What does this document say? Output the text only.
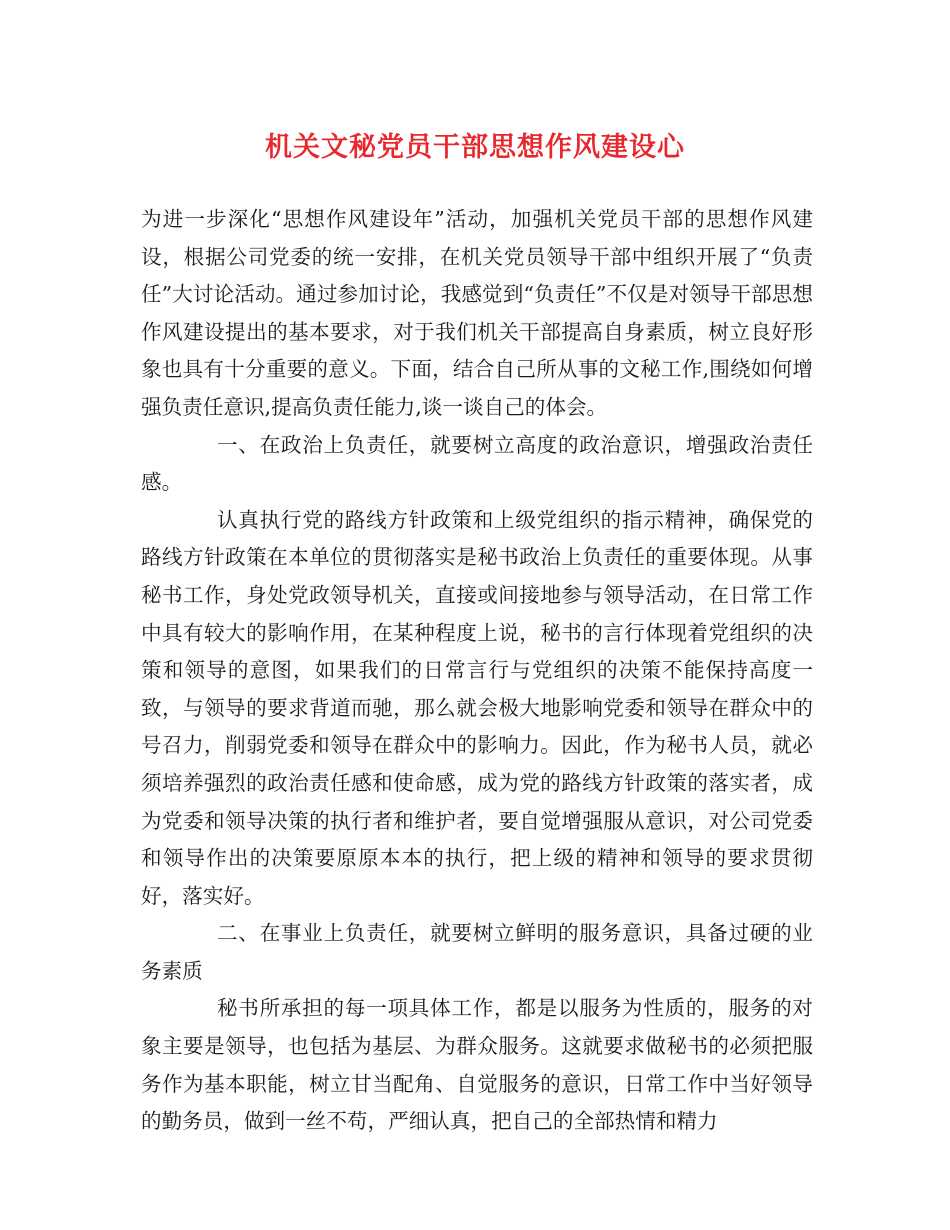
机关文秘党员干部思想作风建设心

为进一步深化“思想作风建设年”活动，加强机关党员干部的思想作风建设，根据公司党委的统一安排，在机关党员领导干部中组织开展了“负责任”大讨论活动。通过参加讨论，我感觉到“负责任”不仅是对领导干部思想作风建设提出的基本要求，对于我们机关干部提高自身素质，树立良好形象也具有十分重要的意义。下面，结合自己所从事的文秘工作,围绕如何增强负责任意识,提高负责任能力,谈一谈自己的体会。

一、在政治上负责任，就要树立高度的政治意识，增强政治责任感。

认真执行党的路线方针政策和上级党组织的指示精神，确保党的路线方针政策在本单位的贯彻落实是秘书政治上负责任的重要体现。从事秘书工作，身处党政领导机关，直接或间接地参与领导活动，在日常工作中具有较大的影响作用，在某种程度上说，秘书的言行体现着党组织的决策和领导的意图，如果我们的日常言行与党组织的决策不能保持高度一致，与领导的要求背道而驰，那么就会极大地影响党委和领导在群众中的号召力，削弱党委和领导在群众中的影响力。因此，作为秘书人员，就必须培养强烈的政治责任感和使命感，成为党的路线方针政策的落实者，成为党委和领导决策的执行者和维护者，要自觉增强服从意识，对公司党委和领导作出的决策要原原本本的执行，把上级的精神和领导的要求贯彻好，落实好。

二、在事业上负责任，就要树立鲜明的服务意识，具备过硬的业务素质

秘书所承担的每一项具体工作，都是以服务为性质的，服务的对象主要是领导，也包括为基层、为群众服务。这就要求做秘书的必须把服务作为基本职能，树立甘当配角、自觉服务的意识，日常工作中当好领导的勤务员，做到一丝不苟，严细认真，把自己的全部热情和精力
